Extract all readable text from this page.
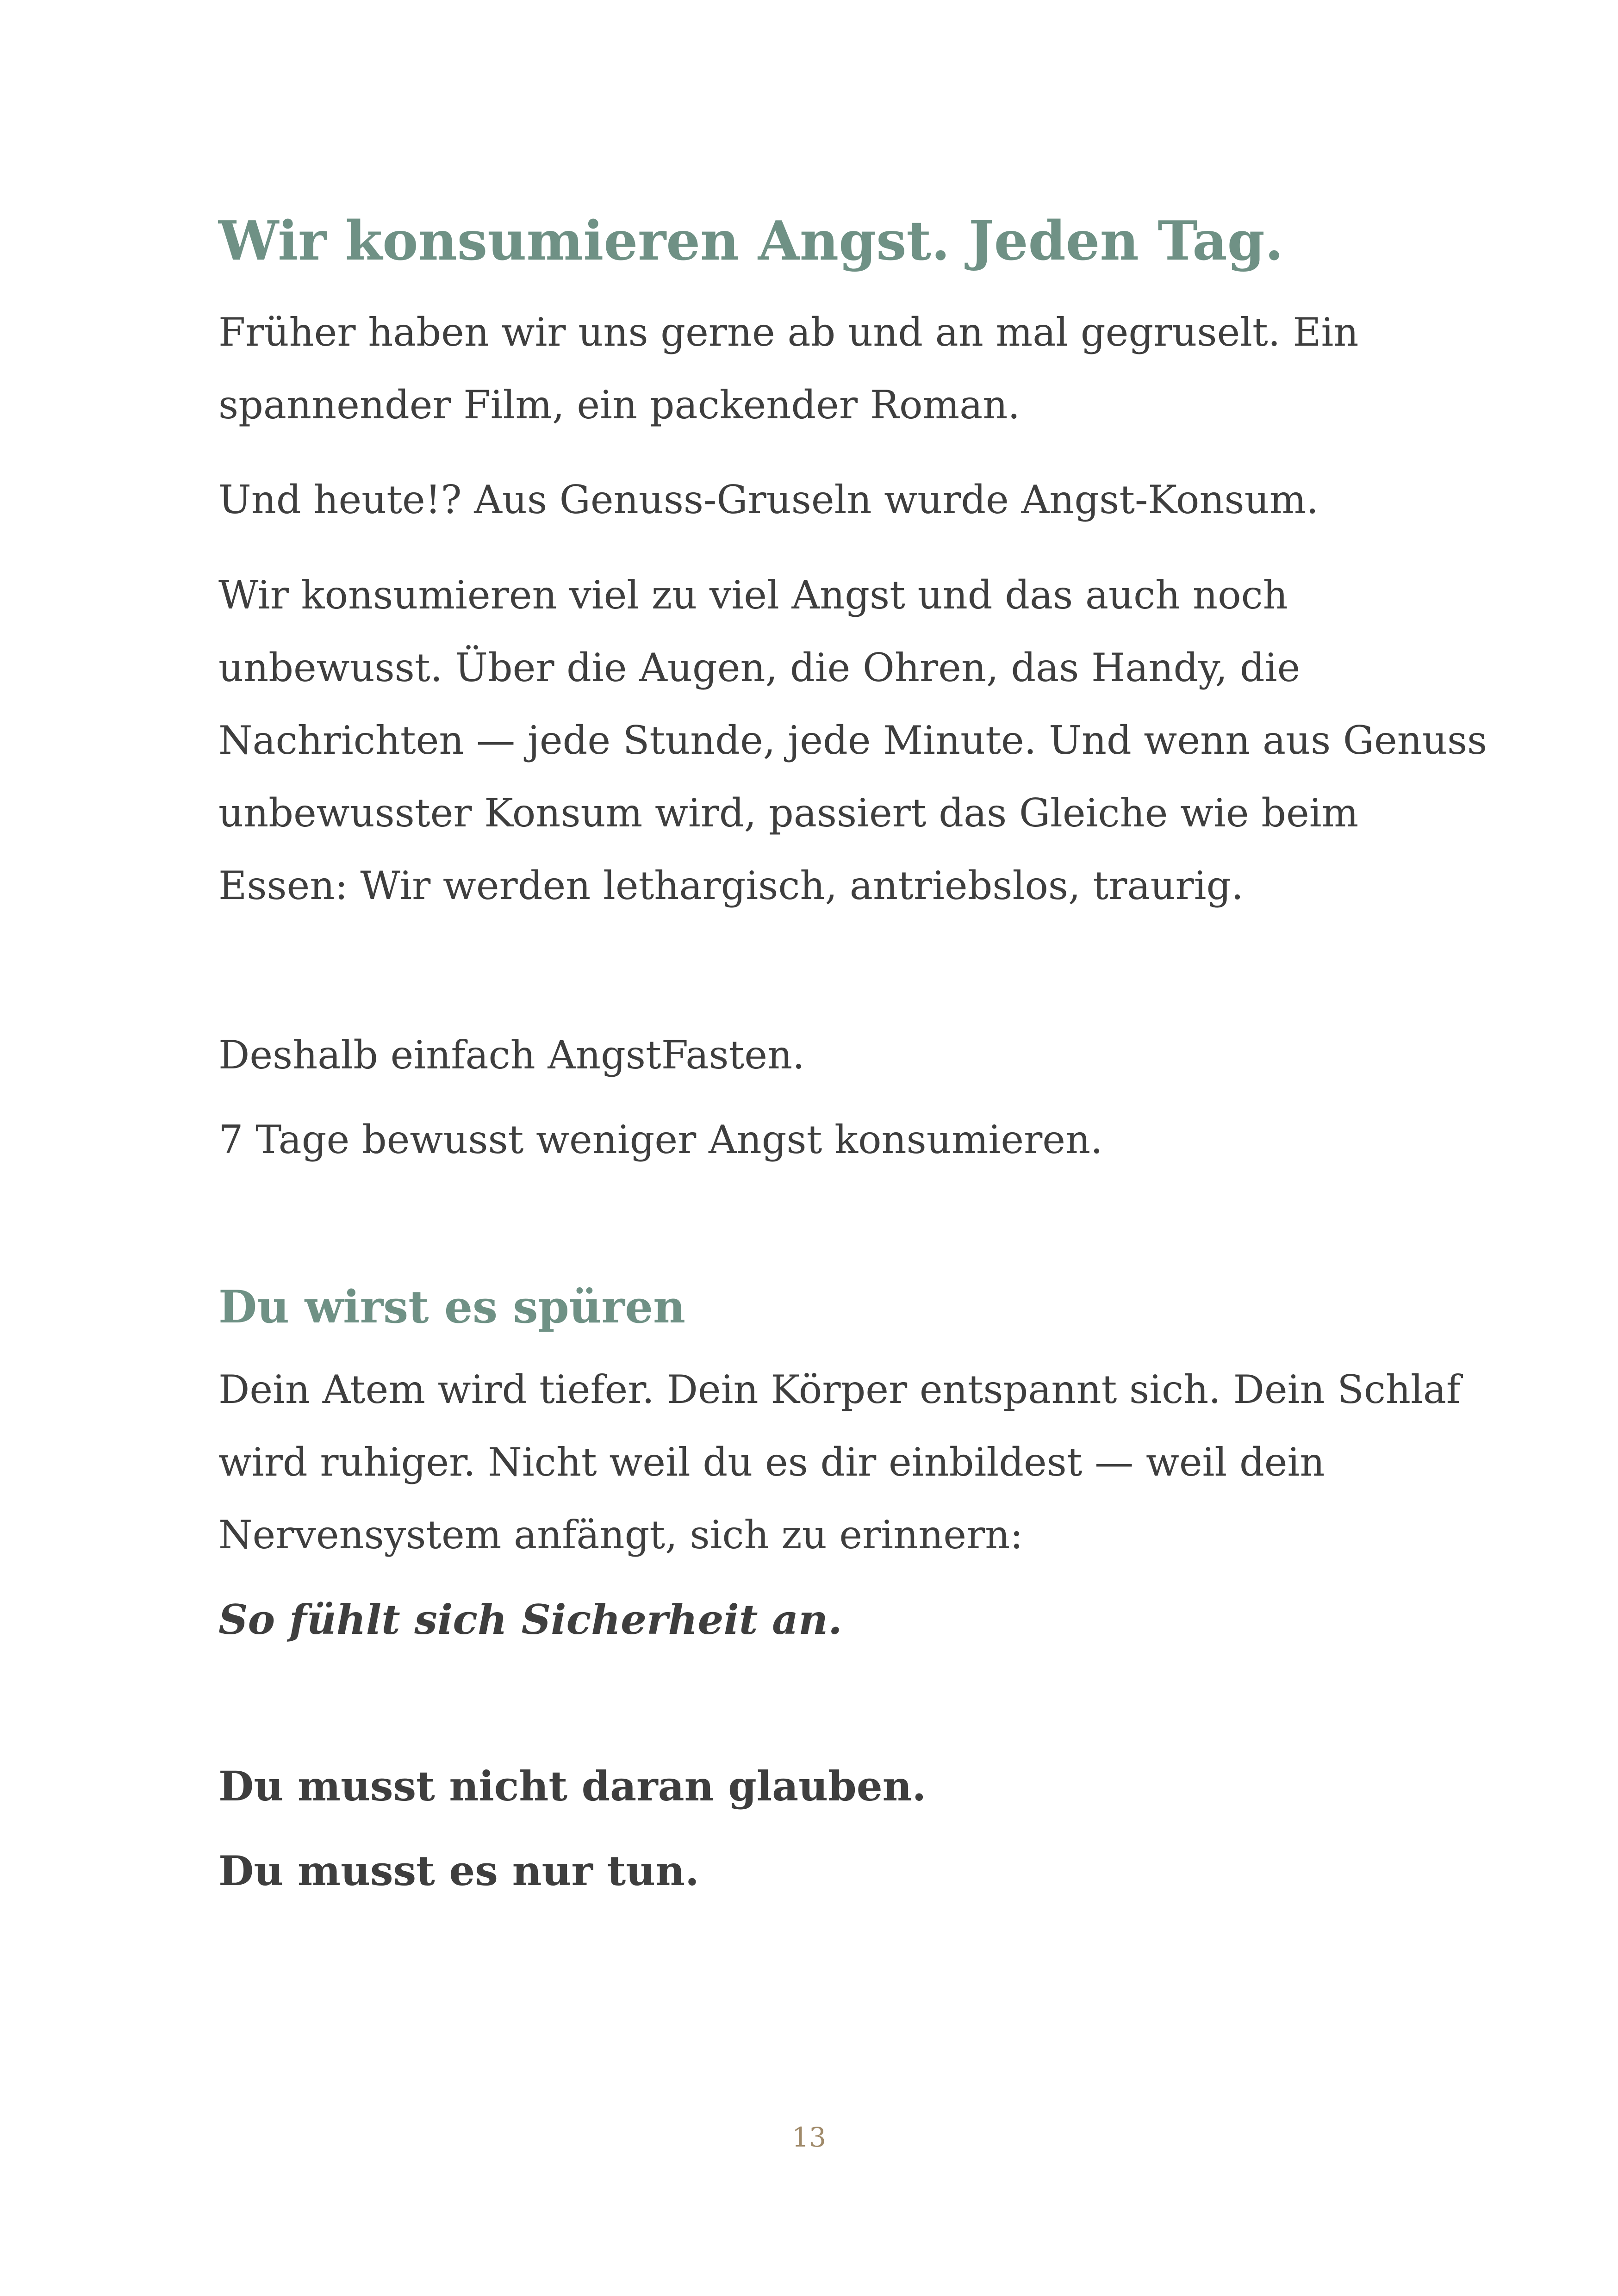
Wir konsumieren Angst. Jeden Tag.

Früher haben wir uns gerne ab und an mal gegruselt. Ein
spannender Film, ein packender Roman.

Und heute!? Aus Genuss-Gruseln wurde Angst-Konsum.

Wir konsumieren viel zu viel Angst und das auch noch
unbewusst. Über die Augen, die Ohren, das Handy, die
Nachrichten — jede Stunde, jede Minute. Und wenn aus Genuss
unbewusster Konsum wird, passiert das Gleiche wie beim
Essen: Wir werden lethargisch, antriebslos, traurig.

Deshalb einfach AngstFasten.

7 Tage bewusst weniger Angst konsumieren.

Du wirst es spüren

Dein Atem wird tiefer. Dein Körper entspannt sich. Dein Schlaf
wird ruhiger. Nicht weil du es dir einbildest — weil dein
Nervensystem anfängt, sich zu erinnern:

So fühlt sich Sicherheit an.

Du musst nicht daran glauben.

Du musst es nur tun.

13
